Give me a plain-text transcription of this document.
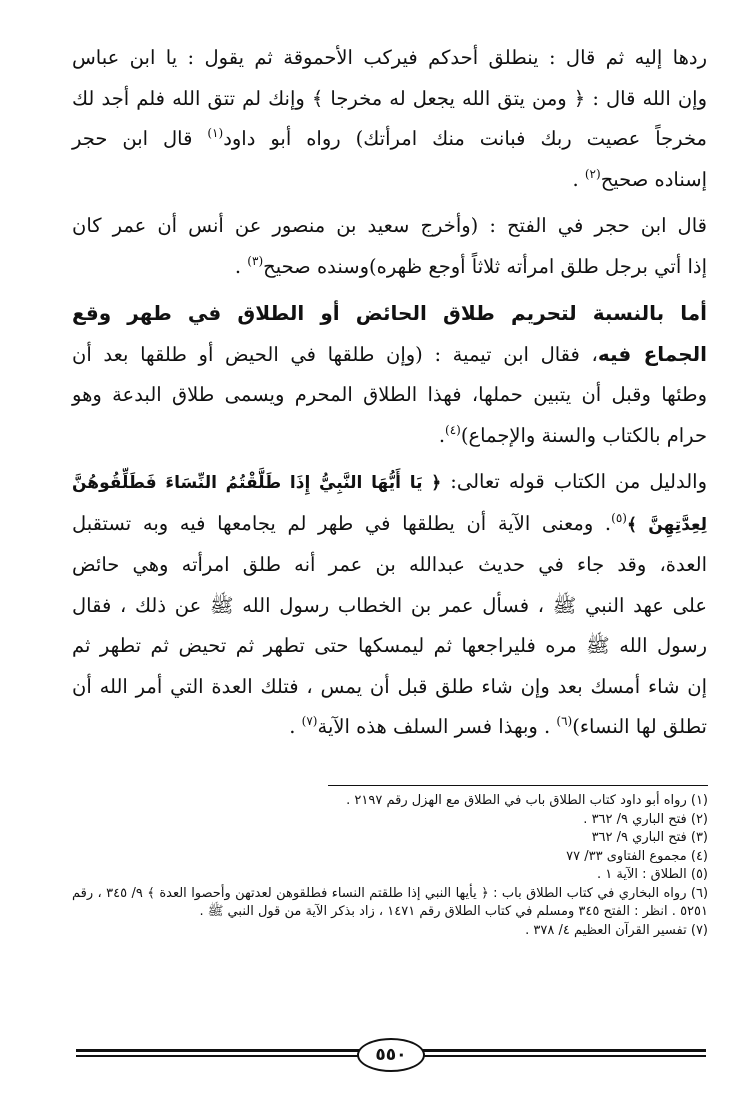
ردها إليه ثم قال : ينطلق أحدكم فيركب الأحموقة ثم يقول : يا ابن عباس
وإن الله قال : ﴿ ومن يتق الله يجعل له مخرجا ﴾ وإنك لم تتق الله فلم أجد لك
مخرجاً عصيت ربك فبانت منك امرأتك) رواه أبو داود$^{(١)}$ قال ابن حجر
إسناده صحيح$^{(٢)}$ .

قال ابن حجر في الفتح : (وأخرج سعيد بن منصور عن أنس أن عمر كان
إذا أتي برجل طلق امرأته ثلاثاً أوجع ظهره)وسنده صحيح$^{(٣)}$ .

أما بالنسبة لتحريم طلاق الحائض أو الطلاق في طهر وقع
الجماع فيه، فقال ابن تيمية : (وإن طلقها في الحيض أو طلقها بعد أن
وطئها وقبل أن يتبين حملها، فهذا الطلاق المحرم ويسمى طلاق البدعة وهو
حرام بالكتاب والسنة والإجماع)$^{(٤)}$.

والدليل من الكتاب قوله تعالى: ﴿ يَا أَيُّهَا النَّبِيُّ إِذَا طَلَّقْتُمُ النِّسَاءَ فَطَلِّقُوهُنَّ
لِعِدَّتِهِنَّ ﴾$^{(٥)}$. ومعنى الآية أن يطلقها في طهر لم يجامعها فيه وبه تستقبل
العدة، وقد جاء في حديث عبدالله بن عمر أنه طلق امرأته وهي حائض
على عهد النبي ﷺ ، فسأل عمر بن الخطاب رسول الله ﷺ عن ذلك ، فقال
رسول الله ﷺ مره فليراجعها ثم ليمسكها حتى تطهر ثم تحيض ثم تطهر ثم
إن شاء أمسك بعد وإن شاء طلق قبل أن يمس ، فتلك العدة التي أمر الله أن
تطلق لها النساء)$^{(٦)}$ . وبهذا فسر السلف هذه الآية$^{(٧)}$ .

(١) رواه أبو داود كتاب الطلاق باب في الطلاق مع الهزل رقم ٢١٩٧ .
(٢) فتح الباري ٩/ ٣٦٢ .
(٣) فتح الباري ٩/ ٣٦٢
(٤) مجموع الفتاوى ٣٣/ ٧٧
(٥) الطلاق : الآية ١ .
(٦) رواه البخاري في كتاب الطلاق باب : ﴿ يأيها النبي إذا طلقتم النساء فطلقوهن لعدتهن وأحصوا العدة ﴾ ٩/ ٣٤٥ ، رقم ٥٢٥١ . انظر : الفتح ٣٤٥ ومسلم في كتاب الطلاق رقم ١٤٧١ ، زاد بذكر الآية من قول النبي ﷺ .
(٧) تفسير القرآن العظيم ٤/ ٣٧٨ .
٥٥٠
